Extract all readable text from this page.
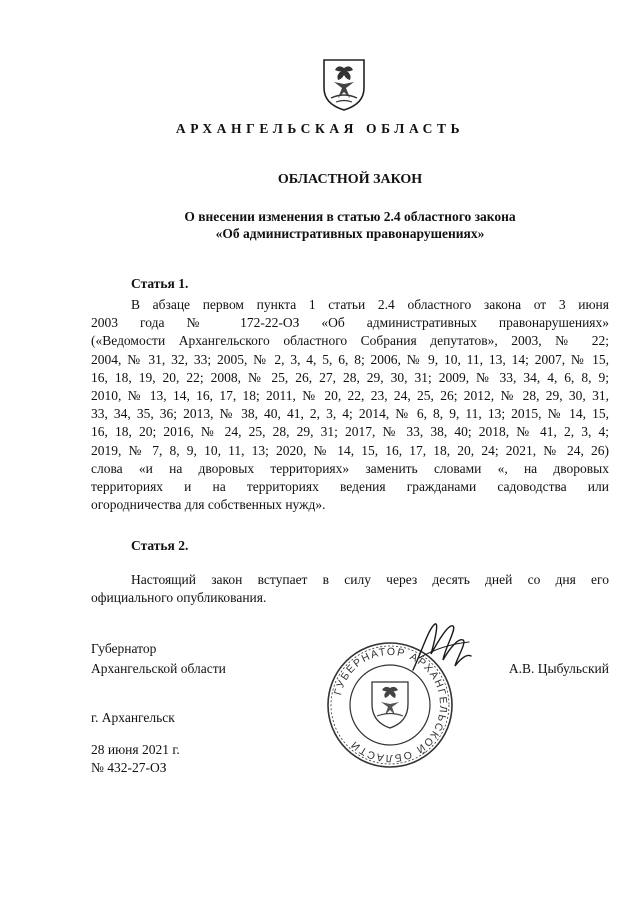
АРХАНГЕЛЬСКАЯ ОБЛАСТЬ
ОБЛАСТНОЙ ЗАКОН
О внесении изменения в статью 2.4 областного закона
«Об административных правонарушениях»
Статья 1.
В абзаце первом пункта 1 статьи 2.4 областного закона от 3 июня
2003 года № 172-22-ОЗ «Об административных правонарушениях»
(«Ведомости Архангельского областного Собрания депутатов», 2003, № 22;
2004, № 31, 32, 33; 2005, № 2, 3, 4, 5, 6, 8; 2006, № 9, 10, 11, 13, 14; 2007, № 15,
16, 18, 19, 20, 22; 2008, № 25, 26, 27, 28, 29, 30, 31; 2009, № 33, 34, 4, 6, 8, 9;
2010, № 13, 14, 16, 17, 18; 2011, № 20, 22, 23, 24, 25, 26; 2012, № 28, 29, 30, 31,
33, 34, 35, 36; 2013, № 38, 40, 41, 2, 3, 4; 2014, № 6, 8, 9, 11, 13; 2015, № 14, 15,
16, 18, 20; 2016, № 24, 25, 28, 29, 31; 2017, № 33, 38, 40; 2018, № 41, 2, 3, 4;
2019, № 7, 8, 9, 10, 11, 13; 2020, № 14, 15, 16, 17, 18, 20, 24; 2021, № 24, 26)
слова «и на дворовых территориях» заменить словами «, на дворовых
территориях и на территориях ведения гражданами садоводства или
огородничества для собственных нужд».
Статья 2.
Настоящий закон вступает в силу через десять дней со дня его
официального опубликования.
Губернатор
Архангельской области
ГУБЕРНАТОР АРХАНГЕЛЬСКОЙ ОБЛАСТИ
А.В. Цыбульский
г. Архангельск
28 июня 2021 г.
№ 432-27-ОЗ
